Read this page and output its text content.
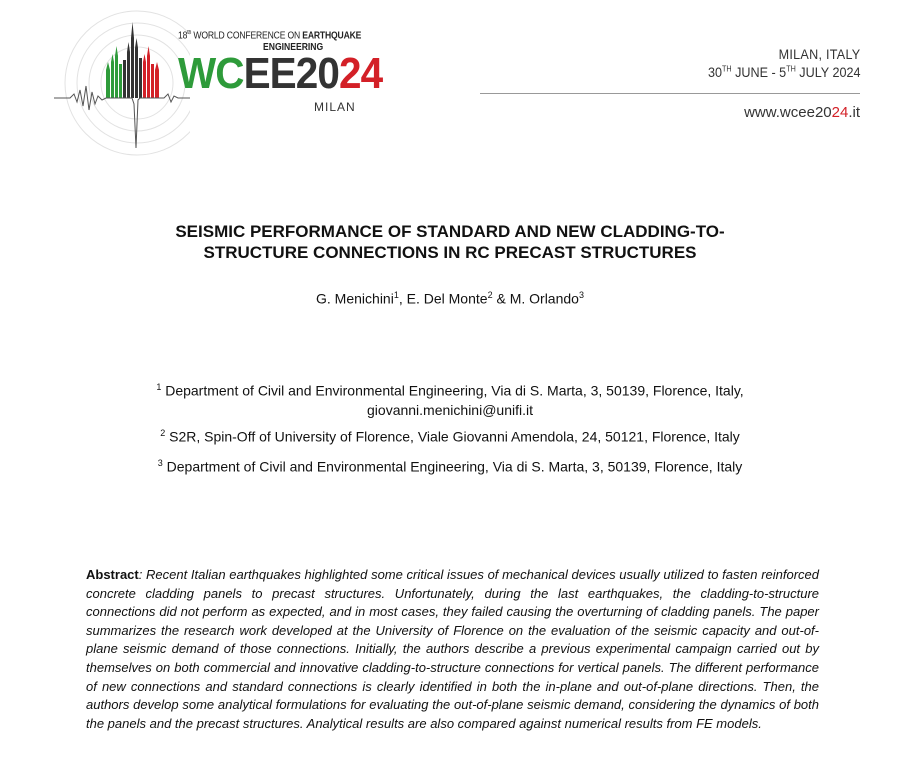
18th WORLD CONFERENCE ON EARTHQUAKE
ENGINEERING
WCEE2024
MILAN
MILAN, ITALY
30TH JUNE - 5TH JULY 2024
www.wcee2024.it
SEISMIC PERFORMANCE OF STANDARD AND NEW CLADDING-TO-
STRUCTURE CONNECTIONS IN RC PRECAST STRUCTURES
G. Menichini$^1$, E. Del Monte$^2$ & M. Orlando$^3$
$^1$ Department of Civil and Environmental Engineering, Via di S. Marta, 3, 50139, Florence, Italy,
giovanni.menichini@unifi.it
$^2$ S2R, Spin-Off of University of Florence, Viale Giovanni Amendola, 24, 50121, Florence, Italy
$^3$ Department of Civil and Environmental Engineering, Via di S. Marta, 3, 50139, Florence, Italy
Abstract: Recent Italian earthquakes highlighted some critical issues of mechanical devices usually utilized to fasten reinforced concrete cladding panels to precast structures. Unfortunately, during the last earthquakes, the cladding-to-structure connections did not perform as expected, and in most cases, they failed causing the overturning of cladding panels. The paper summarizes the research work developed at the University of Florence on the evaluation of the seismic capacity and out-of-plane seismic demand of those connections. Initially, the authors describe a previous experimental campaign carried out by themselves on both commercial and innovative cladding-to-structure connections for vertical panels. The different performance of new connections and standard connections is clearly identified in both the in-plane and out-of-plane directions. Then, the authors develop some analytical formulations for evaluating the out-of-plane seismic demand, considering the dynamics of both the panels and the precast structures. Analytical results are also compared against numerical results from FE models.
